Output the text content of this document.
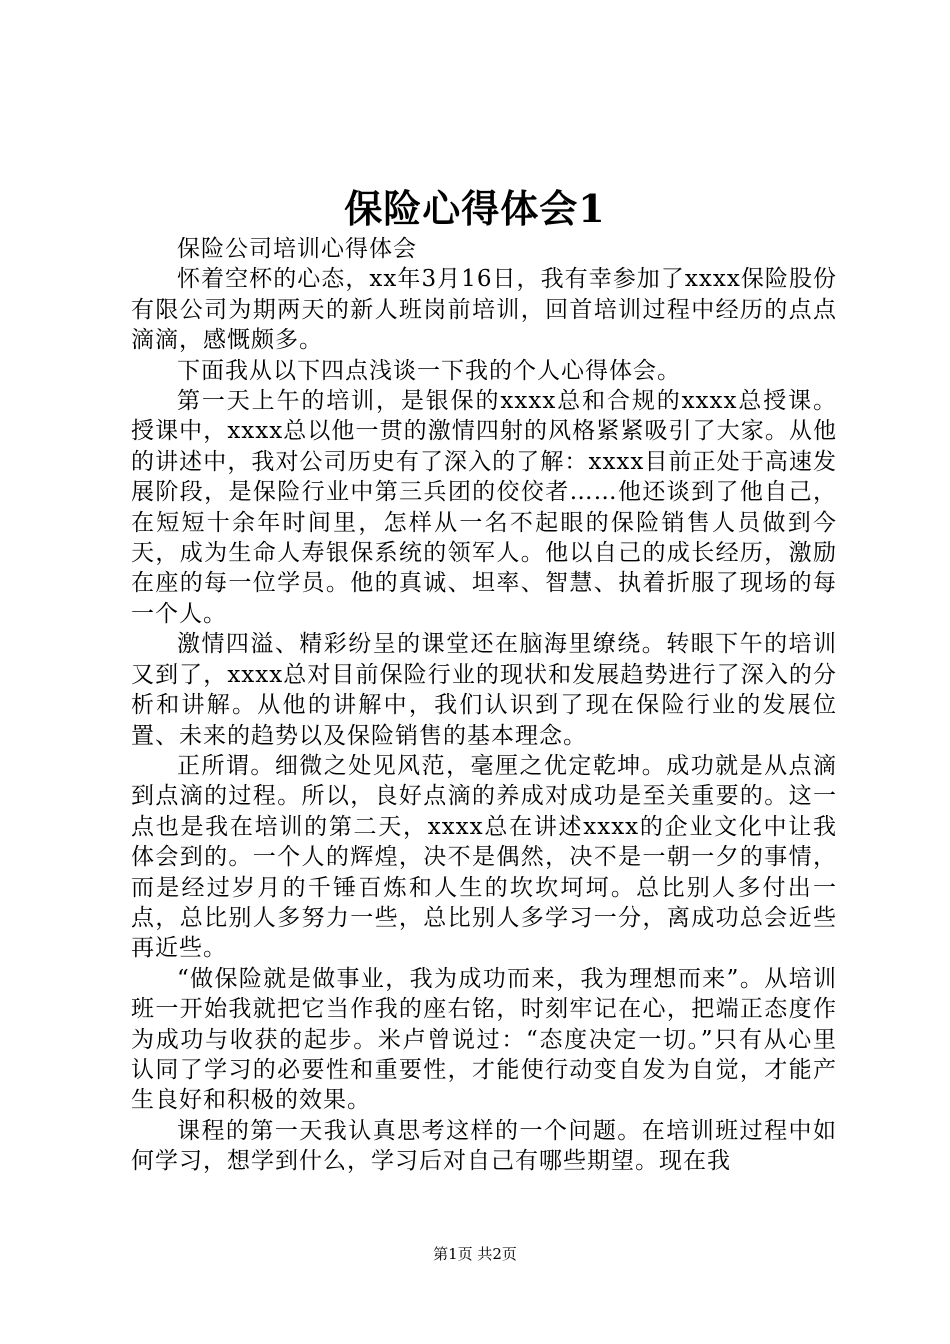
保险心得体会1

保险公司培训心得体会

怀着空杯的心态，xx年3月16日，我有幸参加了xxxx保险股份有限公司为期两天的新人班岗前培训，回首培训过程中经历的点点滴滴，感慨颇多。

下面我从以下四点浅谈一下我的个人心得体会。

第一天上午的培训，是银保的xxxx总和合规的xxxx总授课。授课中，xxxx总以他一贯的激情四射的风格紧紧吸引了大家。从他的讲述中，我对公司历史有了深入的了解：xxxx目前正处于高速发展阶段，是保险行业中第三兵团的佼佼者……他还谈到了他自己，在短短十余年时间里，怎样从一名不起眼的保险销售人员做到今天，成为生命人寿银保系统的领军人。他以自己的成长经历，激励在座的每一位学员。他的真诚、坦率、智慧、执着折服了现场的每一个人。

激情四溢、精彩纷呈的课堂还在脑海里缭绕。转眼下午的培训又到了，xxxx总对目前保险行业的现状和发展趋势进行了深入的分析和讲解。从他的讲解中，我们认识到了现在保险行业的发展位置、未来的趋势以及保险销售的基本理念。

正所谓。细微之处见风范，毫厘之优定乾坤。成功就是从点滴到点滴的过程。所以，良好点滴的养成对成功是至关重要的。这一点也是我在培训的第二天，xxxx总在讲述xxxx的企业文化中让我体会到的。一个人的辉煌，决不是偶然，决不是一朝一夕的事情，而是经过岁月的千锤百炼和人生的坎坎坷坷。总比别人多付出一点，总比别人多努力一些，总比别人多学习一分，离成功总会近些再近些。

“做保险就是做事业，我为成功而来，我为理想而来”。从培训班一开始我就把它当作我的座右铭，时刻牢记在心，把端正态度作为成功与收获的起步。米卢曾说过：“态度决定一切。”只有从心里认同了学习的必要性和重要性，才能使行动变自发为自觉，才能产生良好和积极的效果。

课程的第一天我认真思考这样的一个问题。在培训班过程中如何学习，想学到什么，学习后对自己有哪些期望。现在我

第1页 共2页
